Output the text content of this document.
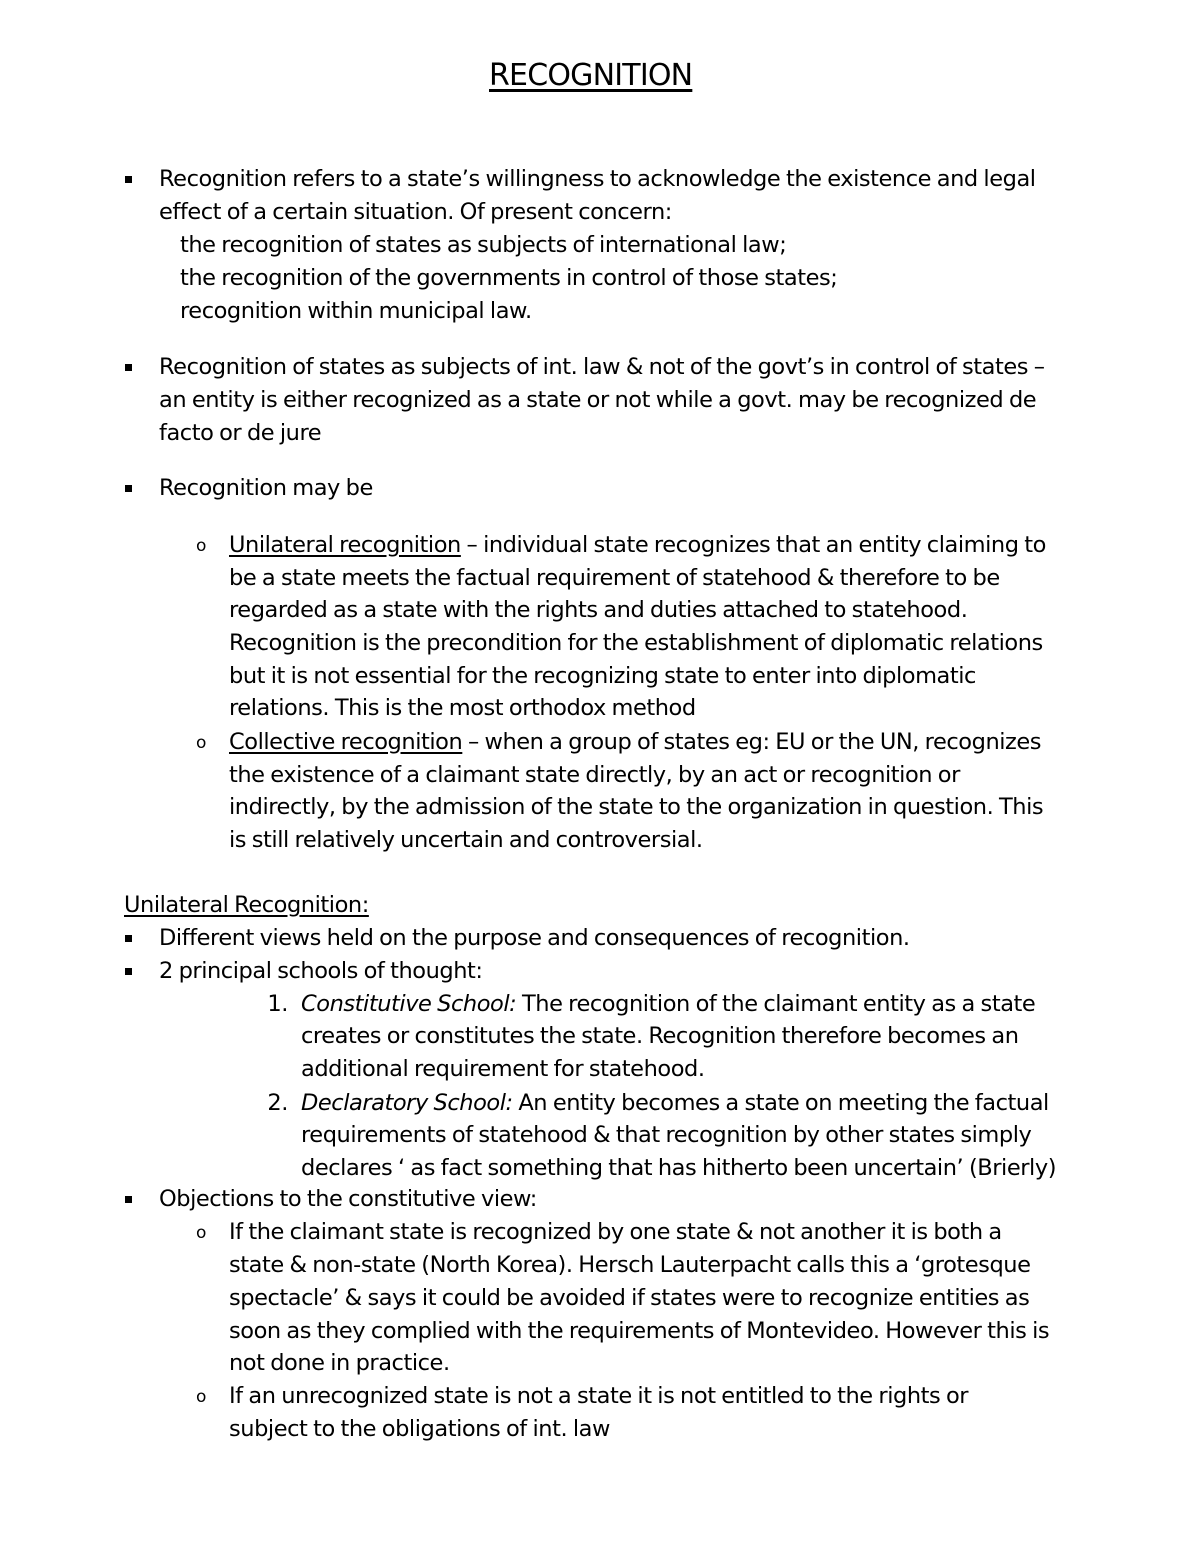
RECOGNITION
Recognition refers to a state’s willingness to acknowledge the existence and legal
effect of a certain situation. Of present concern:
the recognition of states as subjects of international law;
the recognition of the governments in control of those states;
recognition within municipal law.
Recognition of states as subjects of int. law & not of the govt’s in control of states –
an entity is either recognized as a state or not while a govt. may be recognized de
facto or de jure
Recognition may be
o Unilateral recognition – individual state recognizes that an entity claiming to
be a state meets the factual requirement of statehood & therefore to be
regarded as a state with the rights and duties attached to statehood.
Recognition is the precondition for the establishment of diplomatic relations
but it is not essential for the recognizing state to enter into diplomatic
relations. This is the most orthodox method
o Collective recognition – when a group of states eg: EU or the UN, recognizes
the existence of a claimant state directly, by an act or recognition or
indirectly, by the admission of the state to the organization in question. This
is still relatively uncertain and controversial.
Unilateral Recognition:
Different views held on the purpose and consequences of recognition.
2 principal schools of thought:
1. Constitutive School: The recognition of the claimant entity as a state
creates or constitutes the state. Recognition therefore becomes an
additional requirement for statehood.
2. Declaratory School: An entity becomes a state on meeting the factual
requirements of statehood & that recognition by other states simply
declares ‘ as fact something that has hitherto been uncertain’ (Brierly)
Objections to the constitutive view:
o If the claimant state is recognized by one state & not another it is both a
state & non-state (North Korea). Hersch Lauterpacht calls this a ‘grotesque
spectacle’ & says it could be avoided if states were to recognize entities as
soon as they complied with the requirements of Montevideo. However this is
not done in practice.
o If an unrecognized state is not a state it is not entitled to the rights or
subject to the obligations of int. law
